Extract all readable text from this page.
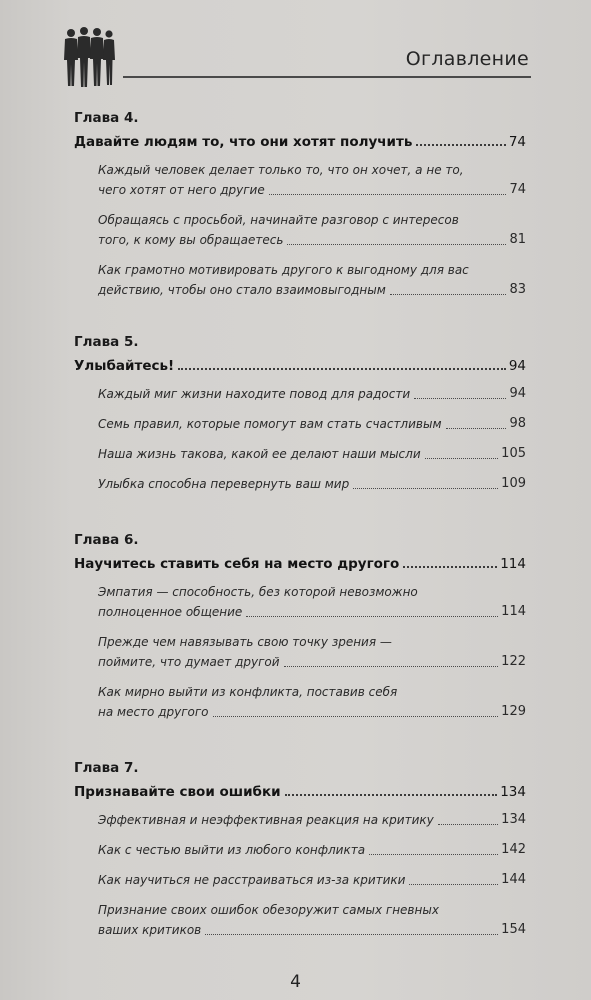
Оглавление
Глава 4.
Давайте людям то, что они хотят получить	74
Каждый человек делает только то, что он хочет, а не то,
чего хотят от него другие	74
Обращаясь с просьбой, начинайте разговор с интересов
того, к кому вы обращаетесь	81
Как грамотно мотивировать другого к выгодному для вас
действию, чтобы оно стало взаимовыгодным	83
Глава 5.
Улыбайтесь!	94
Каждый миг жизни находите повод для радости	94
Семь правил, которые помогут вам стать счастливым	98
Наша жизнь такова, какой ее делают наши мысли	105
Улыбка способна перевернуть ваш мир	109
Глава 6.
Научитесь ставить себя на место другого	114
Эмпатия — способность, без которой невозможно
полноценное общение	114
Прежде чем навязывать свою точку зрения —
поймите, что думает другой	122
Как мирно выйти из конфликта, поставив себя
на место другого	129
Глава 7.
Признавайте свои ошибки	134
Эффективная и неэффективная реакция на критику	134
Как с честью выйти из любого конфликта	142
Как научиться не расстраиваться из-за критики	144
Признание своих ошибок обезоружит самых гневных
ваших критиков	154
4
